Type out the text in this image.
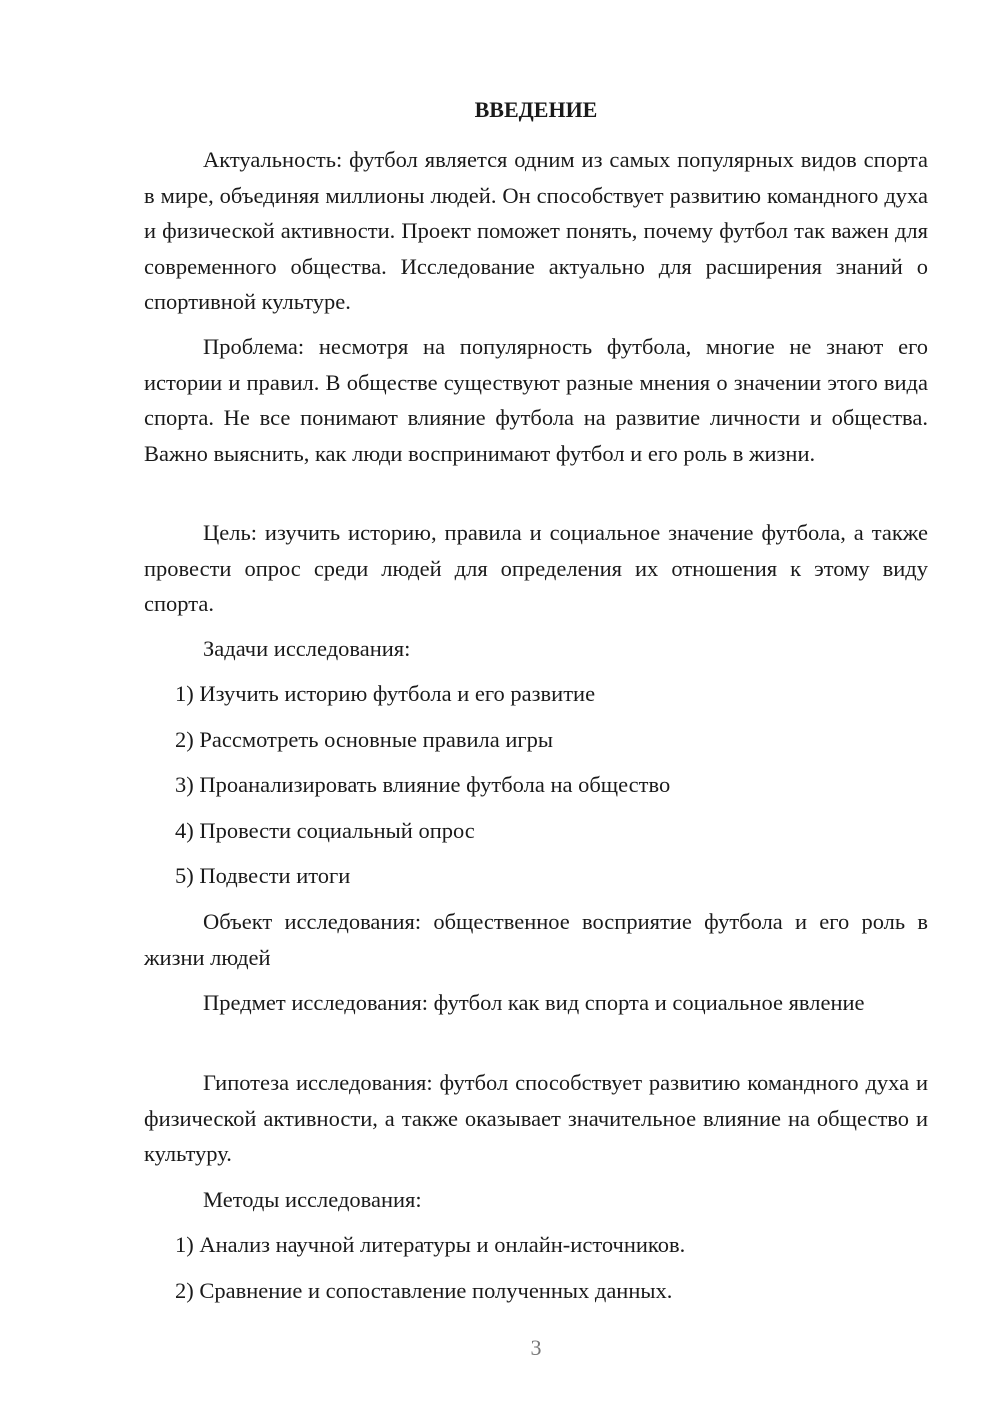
ВВЕДЕНИЕ

Актуальность: футбол является одним из самых популярных видов спорта в мире, объединяя миллионы людей. Он способствует развитию командного духа и физической активности. Проект поможет понять, почему футбол так важен для современного общества. Исследование актуально для расширения знаний о спортивной культуре.

Проблема: несмотря на популярность футбола, многие не знают его истории и правил. В обществе существуют разные мнения о значении этого вида спорта. Не все понимают влияние футбола на развитие личности и общества. Важно выяснить, как люди воспринимают футбол и его роль в жизни.

Цель: изучить историю, правила и социальное значение футбола, а также провести опрос среди людей для определения их отношения к этому виду спорта.

Задачи исследования:

1) Изучить историю футбола и его развитие

2) Рассмотреть основные правила игры

3) Проанализировать влияние футбола на общество

4) Провести социальный опрос

5) Подвести итоги

Объект исследования: общественное восприятие футбола и его роль в жизни людей

Предмет исследования: футбол как вид спорта и социальное явление

Гипотеза исследования: футбол способствует развитию командного духа и физической активности, а также оказывает значительное влияние на общество и культуру.

Методы исследования:

1) Анализ научной литературы и онлайн-источников.

2) Сравнение и сопоставление полученных данных.

3
